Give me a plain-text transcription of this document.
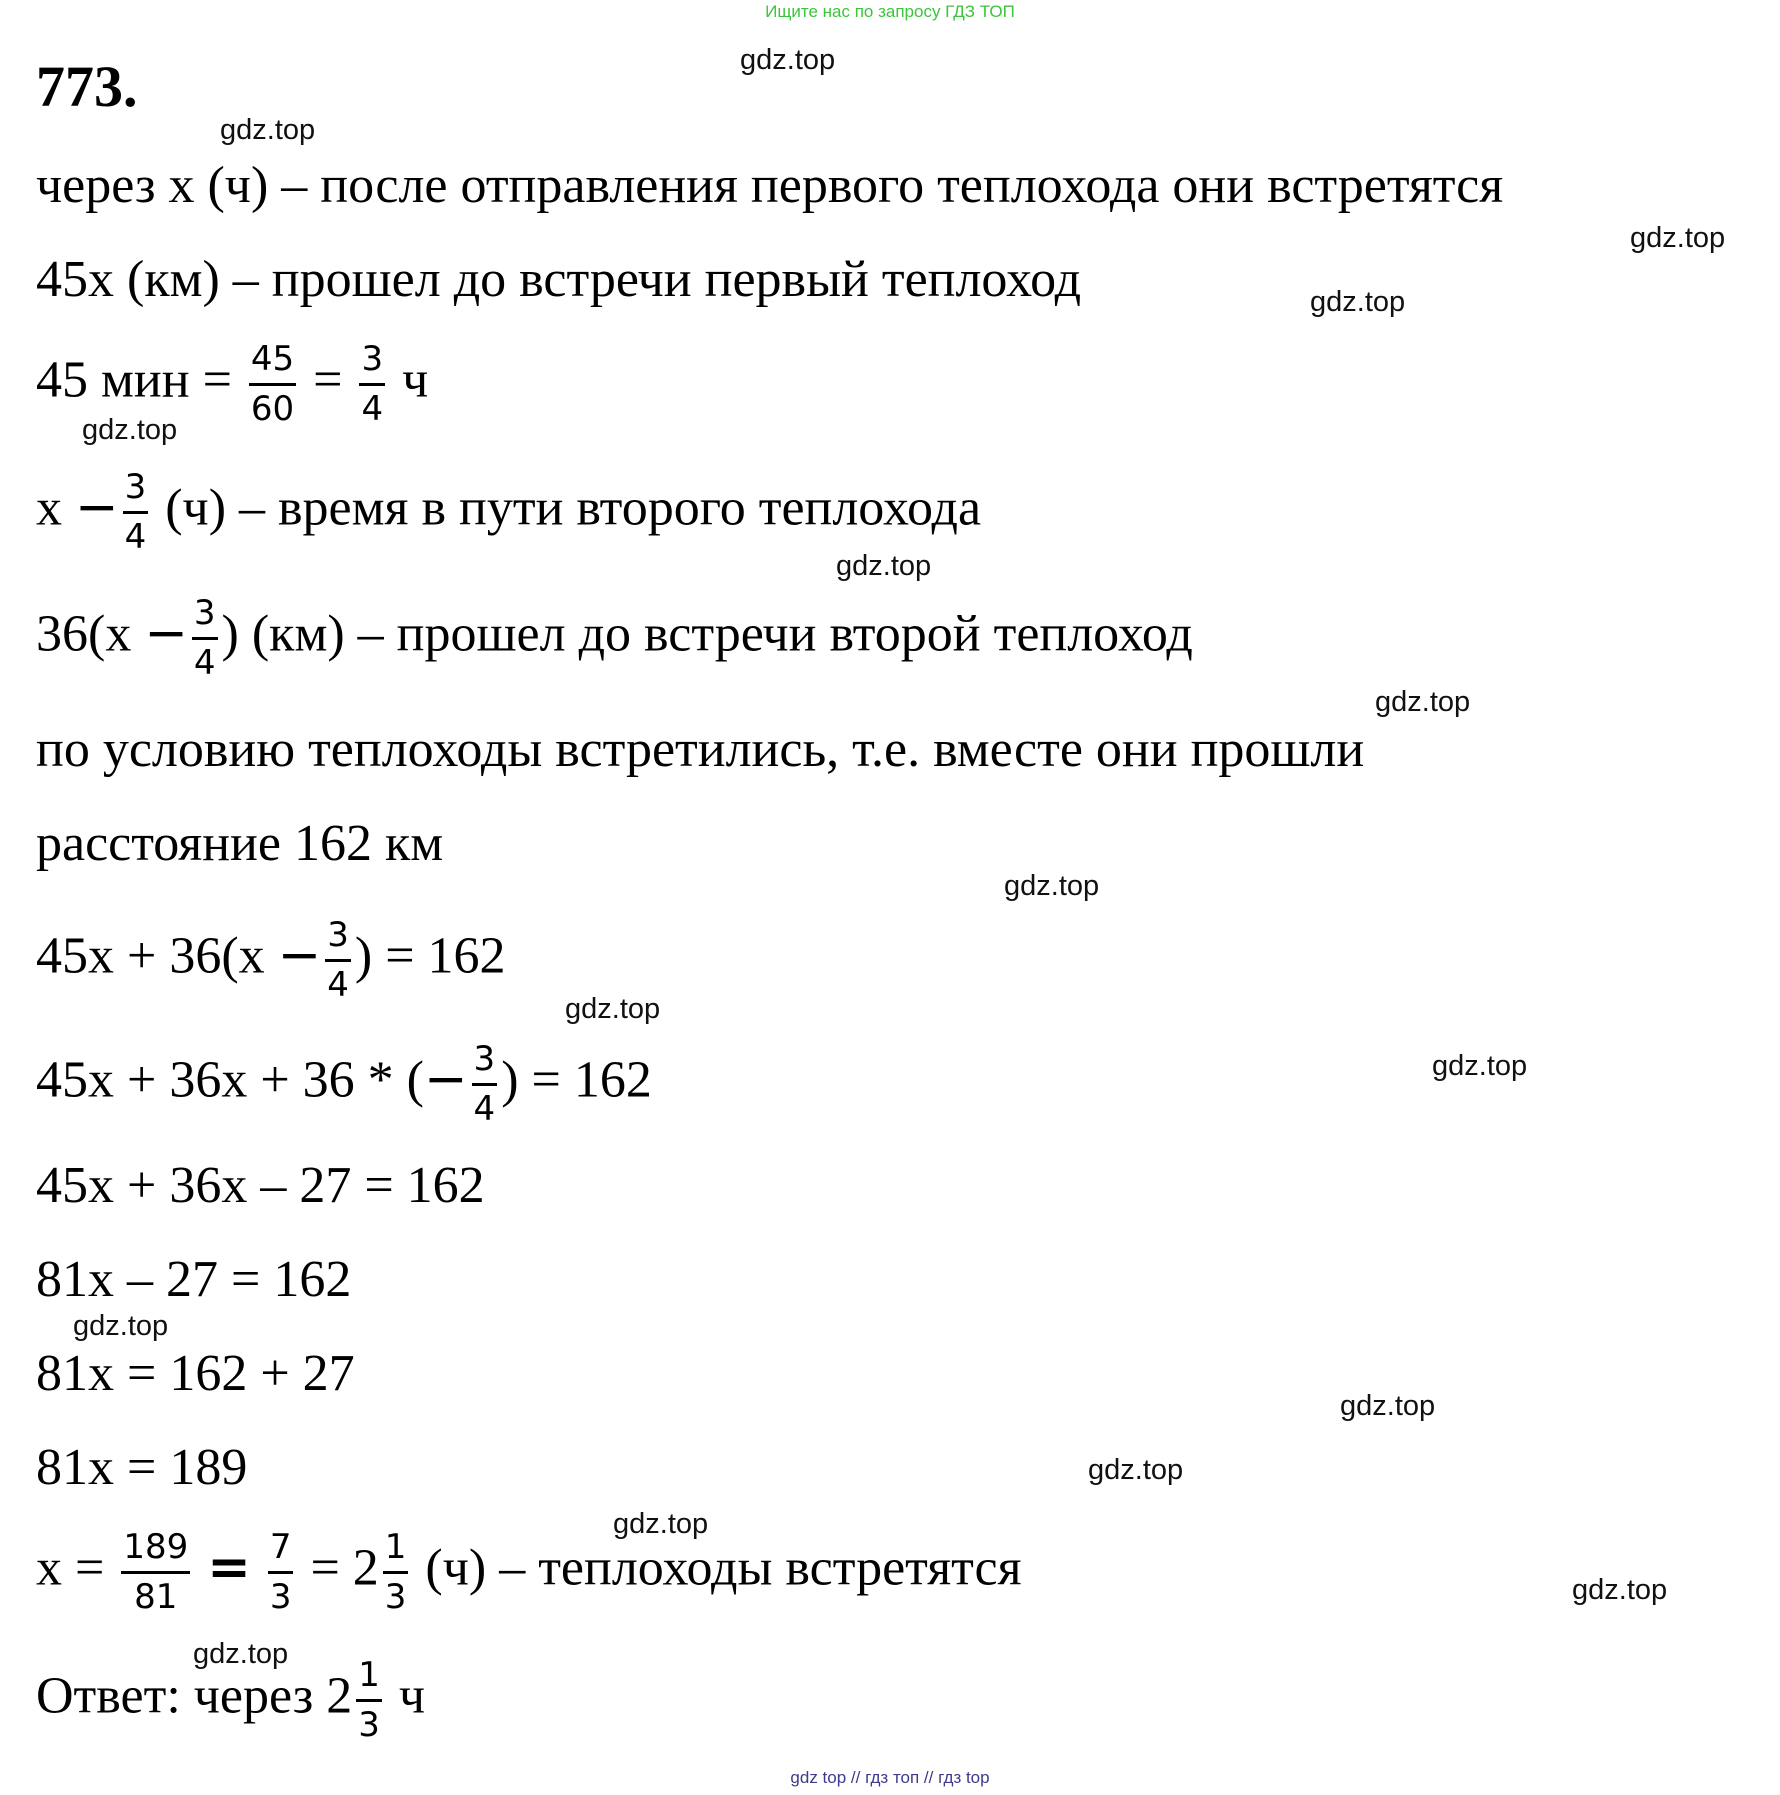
Ищите нас по запросу ГДЗ ТОП
773.	gdz.top
gdz.top
gdz.top
gdz.top
gdz.top
gdz.top
gdz.top
gdz.top
gdz.top
gdz.top
gdz.top
gdz.top
gdz.top
gdz.top
gdz.top
gdz.top
через x (ч) – после отправления первого теплохода они встретятся
45x (км) – прошел до встречи первый теплоход
45 мин = $\frac{45}{60} = \frac{3}{4}$ ч
$x - \frac{3}{4} (ч)$ – время в пути второго теплохода
$36(x - \frac{3}{4}$ ) (км) – прошел до встречи второй теплоход
по условию теплоходы встретились, т.е. вместе они прошли
расстояние 162 км
$45x + 36(x - \frac{3}{4}$ ) = 162
45x + 36x + 36 * (− $\frac{3}{4}$ ) = 162
45x + 36x – 27 = 162
81x – 27 = 162
81x = 162 + 27
81x = 189
$x = \frac{189}{81} = \frac{7}{3} = 2 \frac{1}{3} (ч)$ – теплоходы встретятся
Ответ: через $2 \frac{1}{3}$ ч
gdz top // гдз топ // гдз top
